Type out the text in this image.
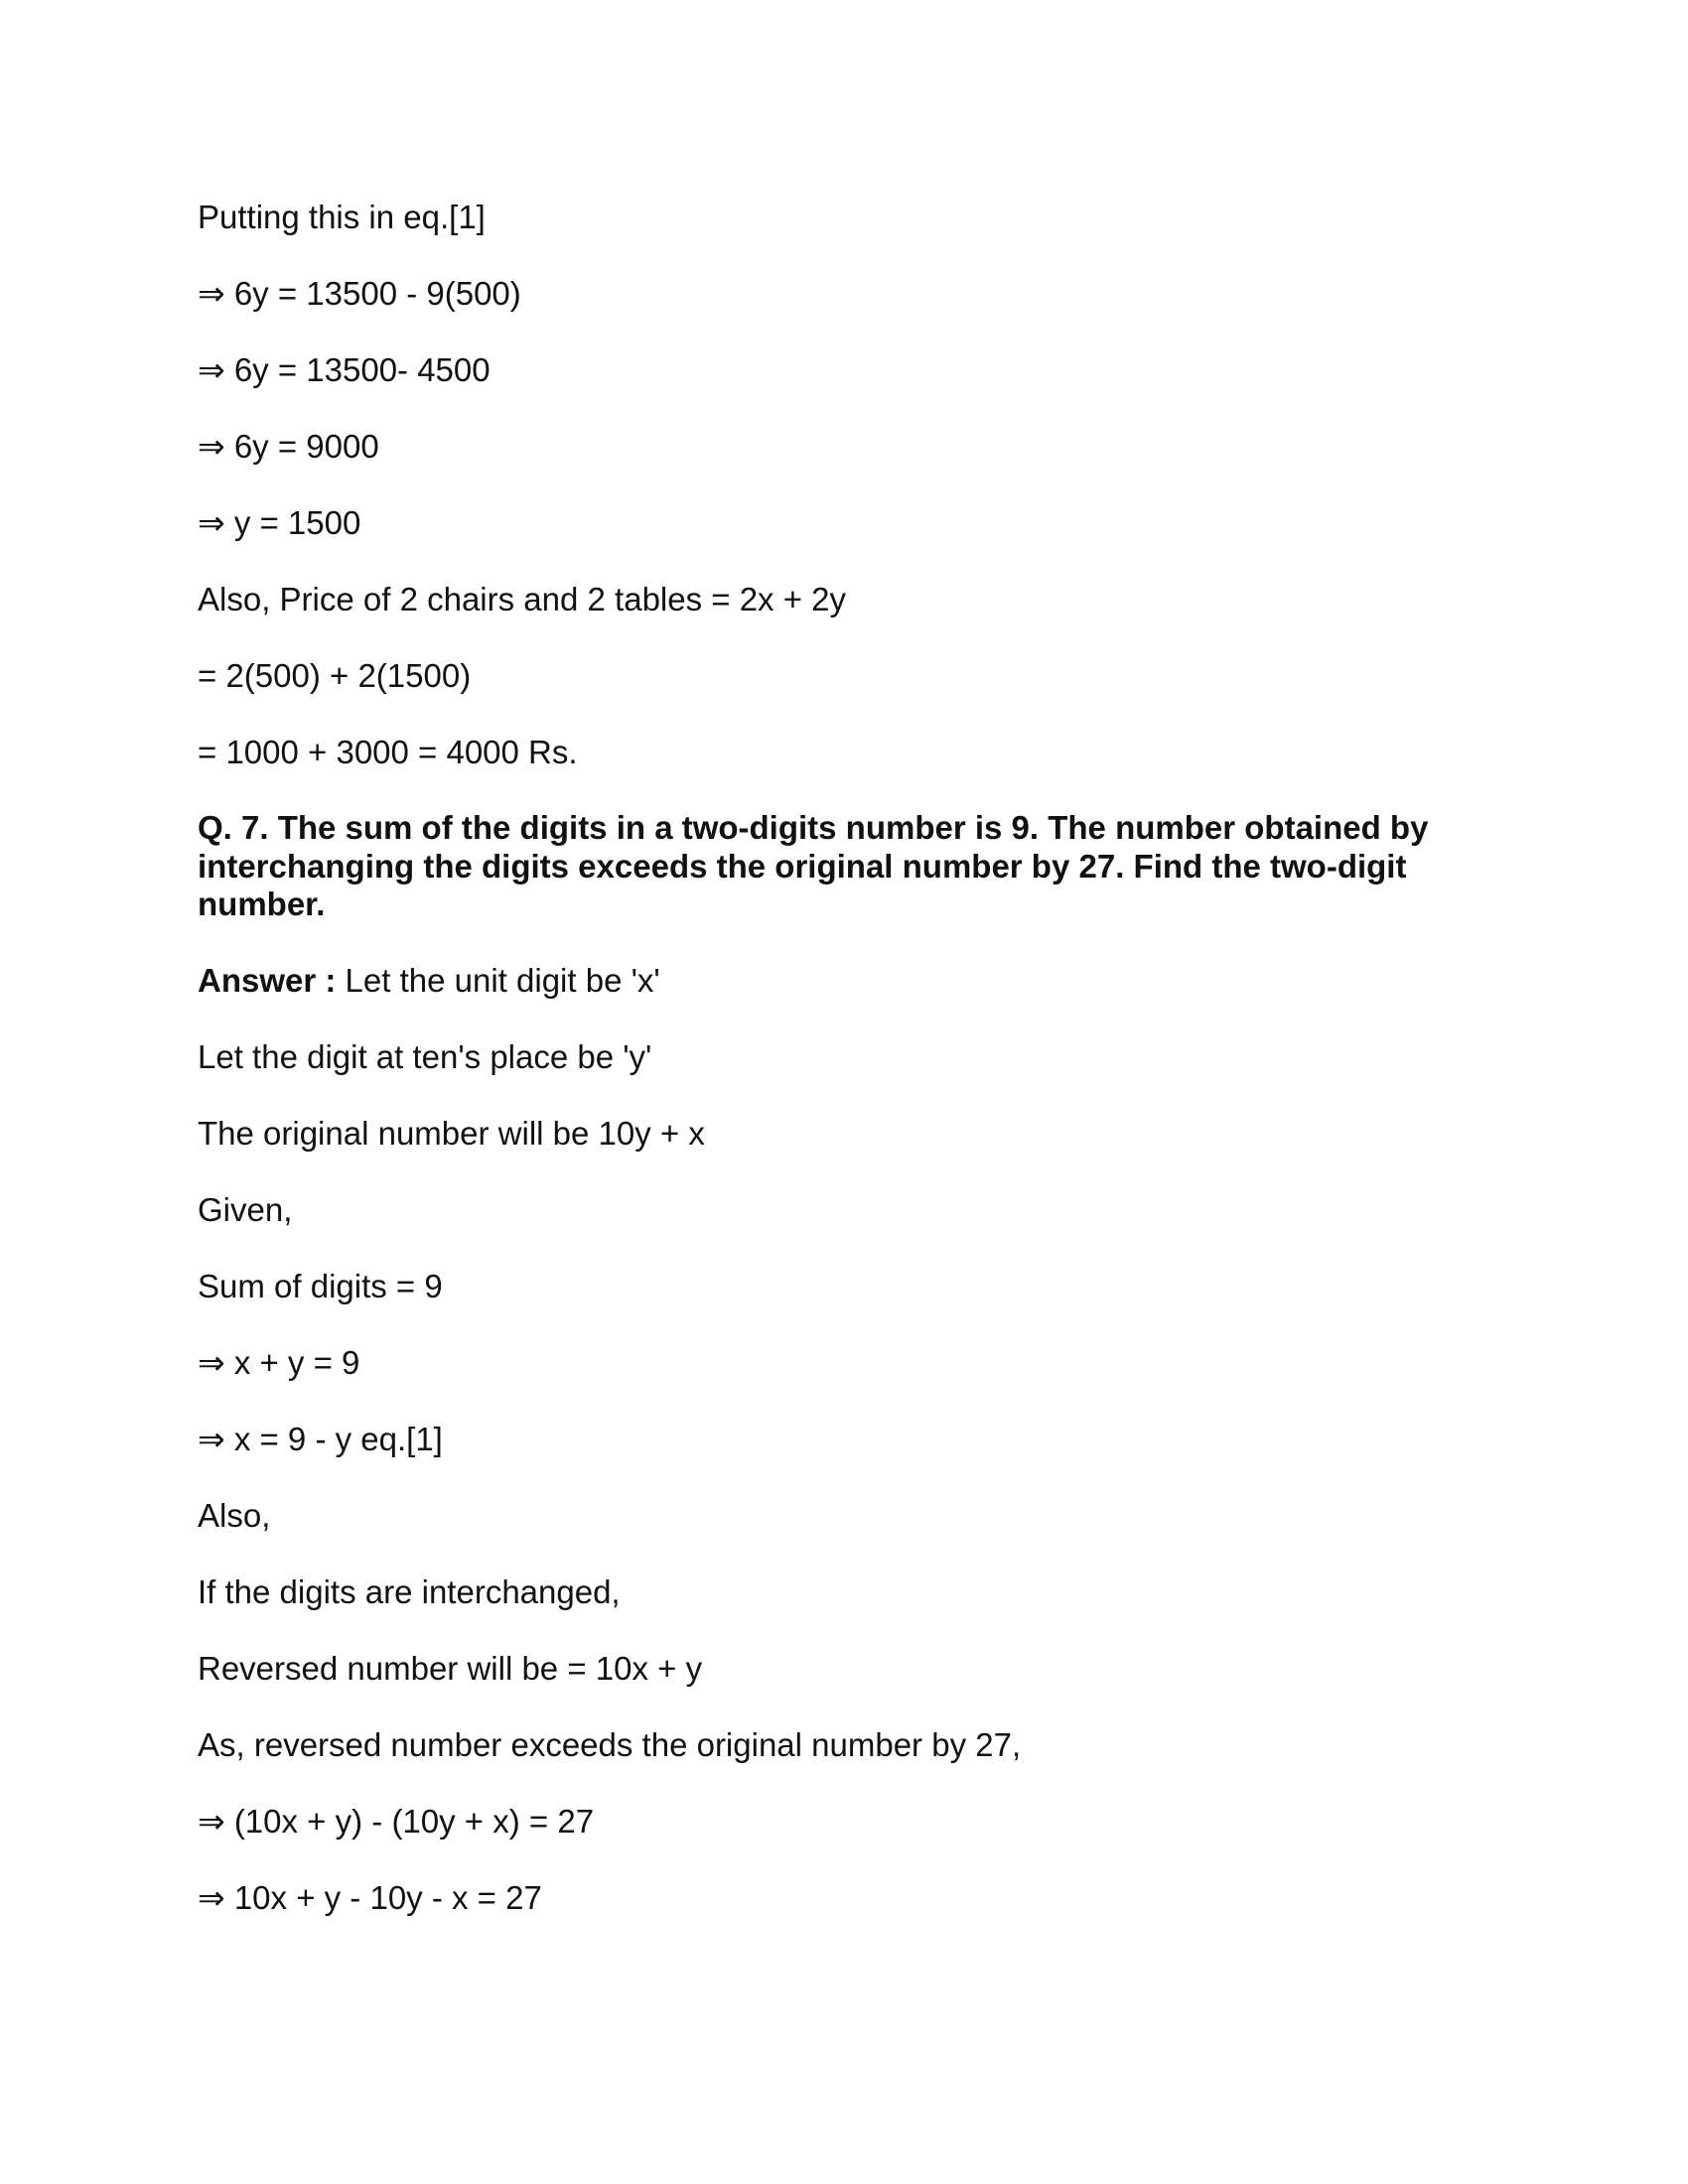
Putting this in eq.[1]

⇒ 6y = 13500 - 9(500)

⇒ 6y = 13500- 4500

⇒ 6y = 9000

⇒ y = 1500

Also, Price of 2 chairs and 2 tables = 2x + 2y

= 2(500) + 2(1500)

= 1000 + 3000 = 4000 Rs.

Q. 7. The sum of the digits in a two-digits number is 9. The number obtained by interchanging the digits exceeds the original number by 27. Find the two-digit number.

Answer : Let the unit digit be 'x'

Let the digit at ten's place be 'y'

The original number will be 10y + x

Given,

Sum of digits = 9

⇒ x + y = 9

⇒ x = 9 - y eq.[1]

Also,

If the digits are interchanged,

Reversed number will be = 10x + y

As, reversed number exceeds the original number by 27,

⇒ (10x + y) - (10y + x) = 27

⇒ 10x + y - 10y - x = 27
